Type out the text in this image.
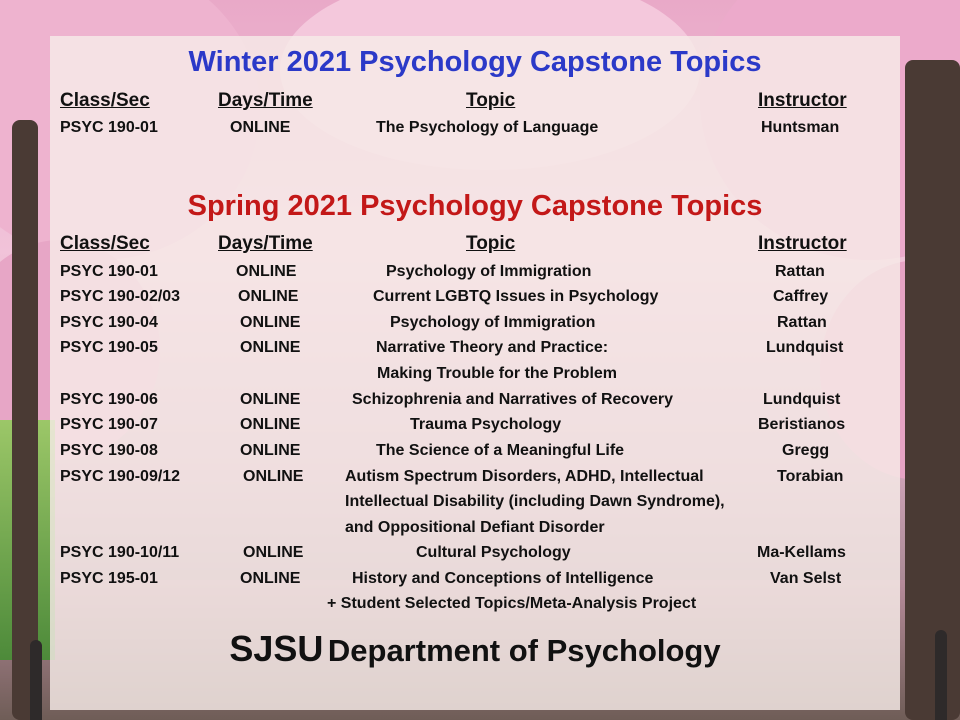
Winter 2021 Psychology Capstone Topics
Class/Sec	Days/Time	Topic	Instructor
PSYC 190-01	ONLINE	The Psychology of Language	Huntsman
Spring 2021 Psychology Capstone Topics
Class/Sec	Days/Time	Topic	Instructor
PSYC 190-01	ONLINE	Psychology of Immigration	Rattan
PSYC 190-02/03	ONLINE	Current LGBTQ Issues in Psychology	Caffrey
PSYC 190-04	ONLINE	Psychology of Immigration	Rattan
PSYC 190-05	ONLINE	Narrative Theory and Practice:	Lundquist
Making Trouble for the Problem
PSYC 190-06	ONLINE	Schizophrenia and Narratives of Recovery	Lundquist
PSYC 190-07	ONLINE	Trauma Psychology	Beristianos
PSYC 190-08	ONLINE	The Science of a Meaningful Life	Gregg
PSYC 190-09/12	ONLINE	Autism Spectrum Disorders, ADHD, Intellectual	Torabian
Intellectual Disability (including Dawn Syndrome),
and Oppositional Defiant Disorder
PSYC 190-10/11	ONLINE	Cultural Psychology	Ma-Kellams
PSYC 195-01	ONLINE	History and Conceptions of Intelligence	Van Selst
+ Student Selected Topics/Meta-Analysis Project
SJSU Department of Psychology
